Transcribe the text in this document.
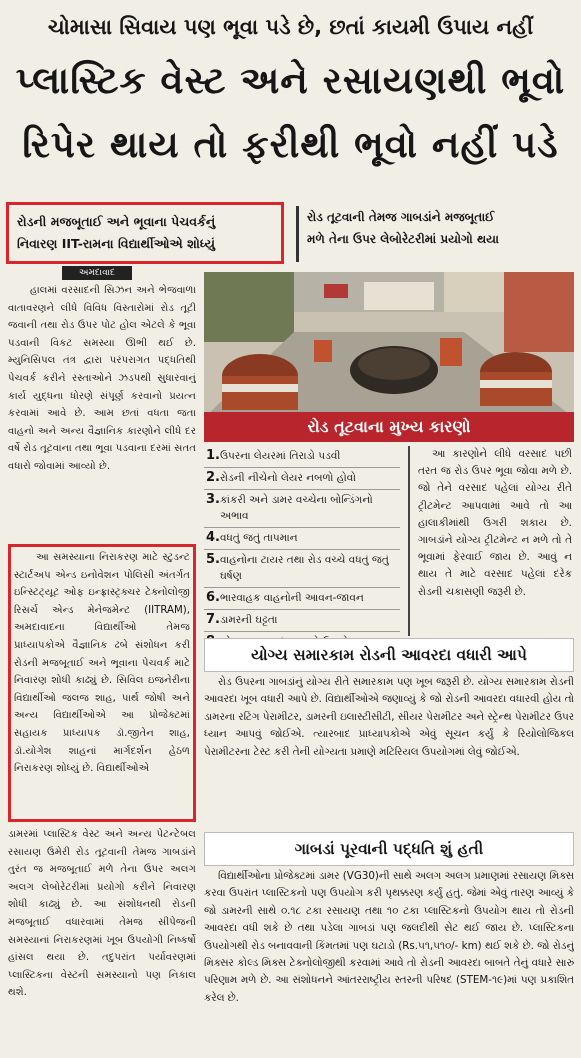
ચોમાસા સિવાય પણ ભૂવા પડે છે, છતાં કાયમી ઉપાય નહીં
પ્લાસ્ટિક વેસ્ટ અને રસાયણથી ભૂવો
રિપેર થાય તો ફરીથી ભૂવો નહીં પડે
રોડની મજબૂતાઈ અને ભૂવાના પેચવર્કનું
નિવારણ IIT-રામના વિદ્યાર્થીઓએ શોધ્યું
રોડ તૂટવાની તેમજ ગાબડાંને મજબૂતાઈ
મળે તેના ઉપર લેબોરેટરીમાં પ્રયોગો થયા
અમદાવાદ

હાલમાં વરસાદની સિઝન અને ભેજવાળા વાતાવરણને લીધે વિવિધ વિસ્તારોમાં રોડ તૂટી જવાની તથા રોડ ઉપર પોટ હોલ એટલે કે ભૂવા પડવાની વિકટ સમસ્યા ઊભી થઈ છે. મ્યુનિસિપલ તંત્ર દ્વારા પરંપરાગત પદ્ધતિથી પેચવર્ક કરીને રસ્તાઓને ઝડપથી સુધારવાનું કાર્ય યુદ્ધના ધોરણે સંપૂર્ણ કરવાનો પ્રયત્ન કરવામાં આવે છે. આમ છતાં વધતા જતા વાહનો અને અન્ય વૈજ્ઞાનિક કારણોને લીધે દર વર્ષે રોડ તૂટવાના તથા ભૂવા પડવાના દરમાં સતત વધારો જોવામાં આવ્યો છે.

આ સમસ્યાના નિરાકરણ માટે સ્ટુડન્ટ સ્ટાર્ટઅપ એન્ડ ઇનોવેશન પોલિસી અંતર્ગત ઇન્સ્ટિટ્યૂટ ઓફ ઇન્ફ્રાસ્ટ્રક્ચર ટેક્નોલોજી રિસર્ચ એન્ડ મેનેજમેન્ટ (IITRAM), અમદાવાદના વિદ્યાર્થીઓ તેમજ પ્રાધ્યાપકોએ વૈજ્ઞાનિક ઢબે સંશોધન કરી રોડની મજબૂતાઈ અને ભૂવાના પેચવર્ક માટે નિવારણ શોધી કાઢ્યું છે. સિવિલ ઇજનેરીના વિદ્યાર્થીઓ જલજ શાહ, પાર્થ જોષી અને અન્ય વિદ્યાર્થીઓએ આ પ્રોજેક્ટમાં સહાયક પ્રાધ્યાપક ડૉ.જીતેન શાહ, ડૉ.યોગેશ શાહનાં માર્ગદર્શન હેઠળ નિરાકરણ શોધ્યું છે. વિદ્યાર્થીઓએ

ડામરમાં પ્લાસ્ટિક વેસ્ટ અને અન્ય પેટન્ટેબલ રસાયણ ઉમેરી રોડ તૂટવાની તેમજ ગાબડાંને તુરંત જ મજબૂતાઈ મળે તેના ઉપર અલગ અલગ લેબોરેટરીમાં પ્રયોગો કરીને નિવારણ શોધી કાઢ્યું છે. આ સંશોધનથી રોડની મજબૂતાઈ વધારવામાં તેમજ સીપેજની સમસ્યાનાં નિરાકરણમાં ખૂબ ઉપયોગી નિષ્કર્ષો હાંસલ થયા છે. તદુપરાંત પર્યાવરણમાં પ્લાસ્ટિકના વેસ્ટની સમસ્યાનો પણ નિકાલ થશે.

રોડ તૂટવાના મુખ્ય કારણો
1. ઉપરના લેયરમાં તિરાડો પડવી
2. રોડની નીચેનો લેયર નબળો હોવો
3. કાંકરી અને ડામર વચ્ચેના બોન્ડિંગનો અભાવ
4. વધતું જતું તાપમાન
5. વાહનોના ટાયર તથા રોડ વચ્ચે વધતું જતું ઘર્ષણ
6. ભારવાહક વાહનોની આવન-જાવન
7. ડામરની ઘટ્ટતા

આ કારણોને લીધે વરસાદ પછી તરત જ રોડ ઉપર ભૂવા જોવા મળે છે. જો તેને વરસાદ પહેલાં યોગ્ય રીતે ટ્રીટમેન્ટ આપવામાં આવે તો આ હાલાકીમાંથી ઉગરી શકાય છે. ગાબડાંને યોગ્ય ટ્રીટમેન્ટ ન મળે તો તે ભૂવામાં ફેરવાઈ જાય છે. આવું ન થાય તે માટે વરસાદ પહેલાં દરેક રોડની ચકાસણી જરૂરી છે.

યોગ્ય સમારકામ રોડની આવરદા વધારી આપે

રોડ ઉપરના ગાબડાંનું યોગ્ય રીતે સમારકામ પણ ખૂબ જરૂરી છે. યોગ્ય સમારકામ રોડની આવરદા ખૂબ વધારી આપે છે. વિદ્યાર્થીઓએ જણાવ્યું કે જો રોડની આવરદા વધારવી હોય તો ડામરના રટિંગ પેરામીટર, ડામરની ઇલાસ્ટીસીટી, સીયર પેરામીટર અને સ્ટ્રેન્થ પેરામીટર ઉપર ધ્યાન આપવું જોઈએ. ત્યારબાદ પ્રાધ્યાપકોએ એવું સૂચન કર્યું કે રિયોલોજિકલ પેરામીટરના ટેસ્ટ કરી તેની યોગ્યતા પ્રમાણે મટિરિયલ ઉપયોગમાં લેવું જોઈએ.

ગાબડાં પૂરવાની પદ્ધતિ શું હતી

વિદ્યાર્થીઓના પ્રોજેક્ટમાં ડામર (VG30)ની સાથે અલગ અલગ પ્રમાણમાં રસાયણ મિક્સ કરવા ઉપરાંત પ્લાસ્ટિકનો પણ ઉપયોગ કરી પૃથક્કરણ કર્યું હતું. જેમાં એવું તારણ આવ્યું કે જો ડામરની સાથે ૦.૧૮ ટકા રસાયણ તથા ૧૦ ટકા પ્લાસ્ટિકનો ઉપયોગ થાય તો રોડની આવરદા વધી શકે છે તથા પડેલા ગાબડાં પણ જલદીથી સેટ થઈ જાય છે. પ્લાસ્ટિકના ઉપયોગથી રોડ બનાવવાની કિંમતમાં પણ ઘટાડો (Rs.૫૧,૫૧૦/- km) થઈ શકે છે. જો રોડનું મિક્સર કોલ્ડ મિક્સ ટેક્નોલોજીથી કરવામાં આવે તો રોડની આવરદા બાબતે તેનું વધારે સારું પરિણામ મળે છે. આ સંશોધનને આંતરરાષ્ટ્રીય સ્તરની પરિષદ (STEM-૧૯)માં પણ પ્રકાશિત કરેલ છે.
